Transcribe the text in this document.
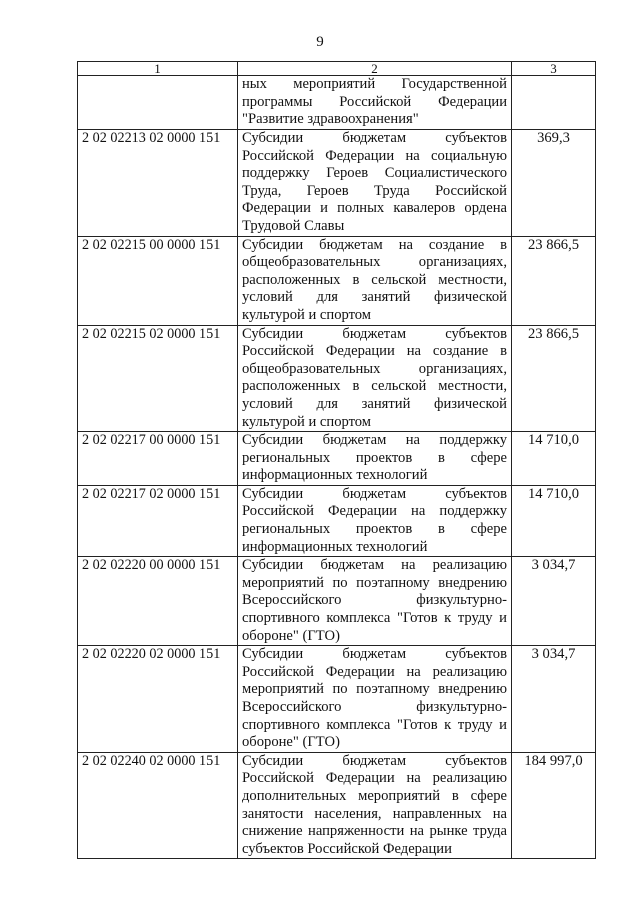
9
1	2	3
	ных мероприятий Государственной программы Российской Федерации "Развитие здравоохранения"	
2 02 02213 02 0000 151	Субсидии бюджетам субъектов Российской Федерации на социальную поддержку Героев Социалистического Труда, Героев Труда Российской Федерации и полных кавалеров ордена Трудовой Славы	369,3
2 02 02215 00 0000 151	Субсидии бюджетам на создание в общеобразовательных организациях, расположенных в сельской местности, условий для занятий физической культурой и спортом	23 866,5
2 02 02215 02 0000 151	Субсидии бюджетам субъектов Российской Федерации на создание в общеобразовательных организациях, расположенных в сельской местности, условий для занятий физической культурой и спортом	23 866,5
2 02 02217 00 0000 151	Субсидии бюджетам на поддержку региональных проектов в сфере информационных технологий	14 710,0
2 02 02217 02 0000 151	Субсидии бюджетам субъектов Российской Федерации на поддержку региональных проектов в сфере информационных технологий	14 710,0
2 02 02220 00 0000 151	Субсидии бюджетам на реализацию мероприятий по поэтапному внедрению Всероссийского физкультурно-спортивного комплекса "Готов к труду и обороне" (ГТО)	3 034,7
2 02 02220 02 0000 151	Субсидии бюджетам субъектов Российской Федерации на реализацию мероприятий по поэтапному внедрению Всероссийского физкультурно-спортивного комплекса "Готов к труду и обороне" (ГТО)	3 034,7
2 02 02240 02 0000 151	Субсидии бюджетам субъектов Российской Федерации на реализацию дополнительных мероприятий в сфере занятости населения, направленных на снижение напряженности на рынке труда субъектов Российской Федерации	184 997,0
